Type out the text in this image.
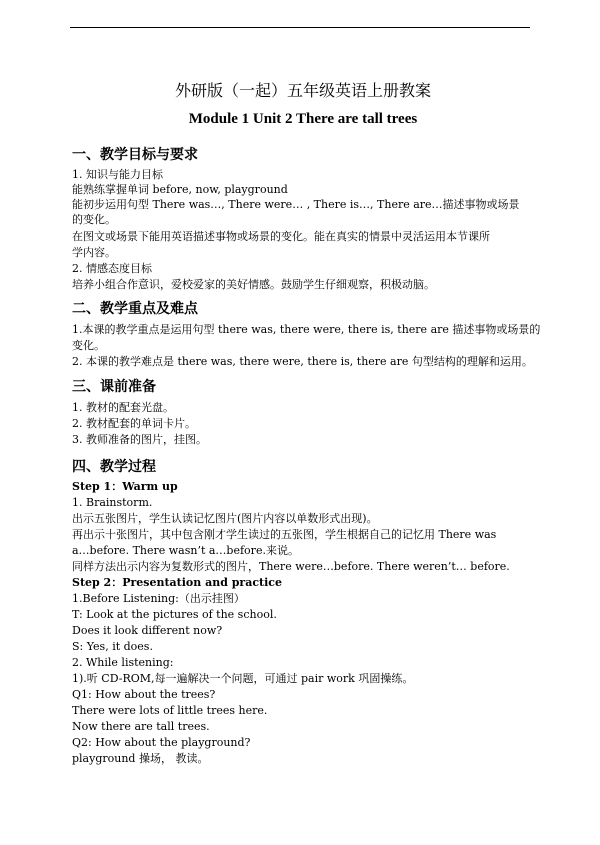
外研版（一起）五年级英语上册教案
Module 1 Unit 2 There are tall trees
一、教学目标与要求
1. 知识与能力目标
能熟练掌握单词 before, now, playground
能初步运用句型 There was…, There were… , There is…, There are…描述事物或场景
的变化。
在图文或场景下能用英语描述事物或场景的变化。能在真实的情景中灵活运用本节课所
学内容。
2. 情感态度目标
培养小组合作意识，爱校爱家的美好情感。鼓励学生仔细观察，积极动脑。
二、教学重点及难点
1.本课的教学重点是运用句型 there was, there were, there is, there are 描述事物或场景的
变化。
2. 本课的教学难点是 there was, there were, there is, there are 句型结构的理解和运用。
三、课前准备
1. 教材的配套光盘。
2. 教材配套的单词卡片。
3. 教师准备的图片，挂图。
四、教学过程
Step 1：Warm up
1. Brainstorm.
出示五张图片，学生认读记忆图片(图片内容以单数形式出现)。
再出示十张图片，其中包含刚才学生读过的五张图，学生根据自己的记忆用 There was
a…before. There wasn’t a…before.来说。
同样方法出示内容为复数形式的图片，There were…before. There weren’t… before.
Step 2：Presentation and practice
1.Before Listening:（出示挂图）
T: Look at the pictures of the school.
Does it look different now?
S: Yes, it does.
2. While listening:
1).听 CD-ROM,每一遍解决一个问题，可通过 pair work 巩固操练。
Q1: How about the trees?
There were lots of little trees here.
Now there are tall trees.
Q2: How about the playground?
playground 操场， 教读。
